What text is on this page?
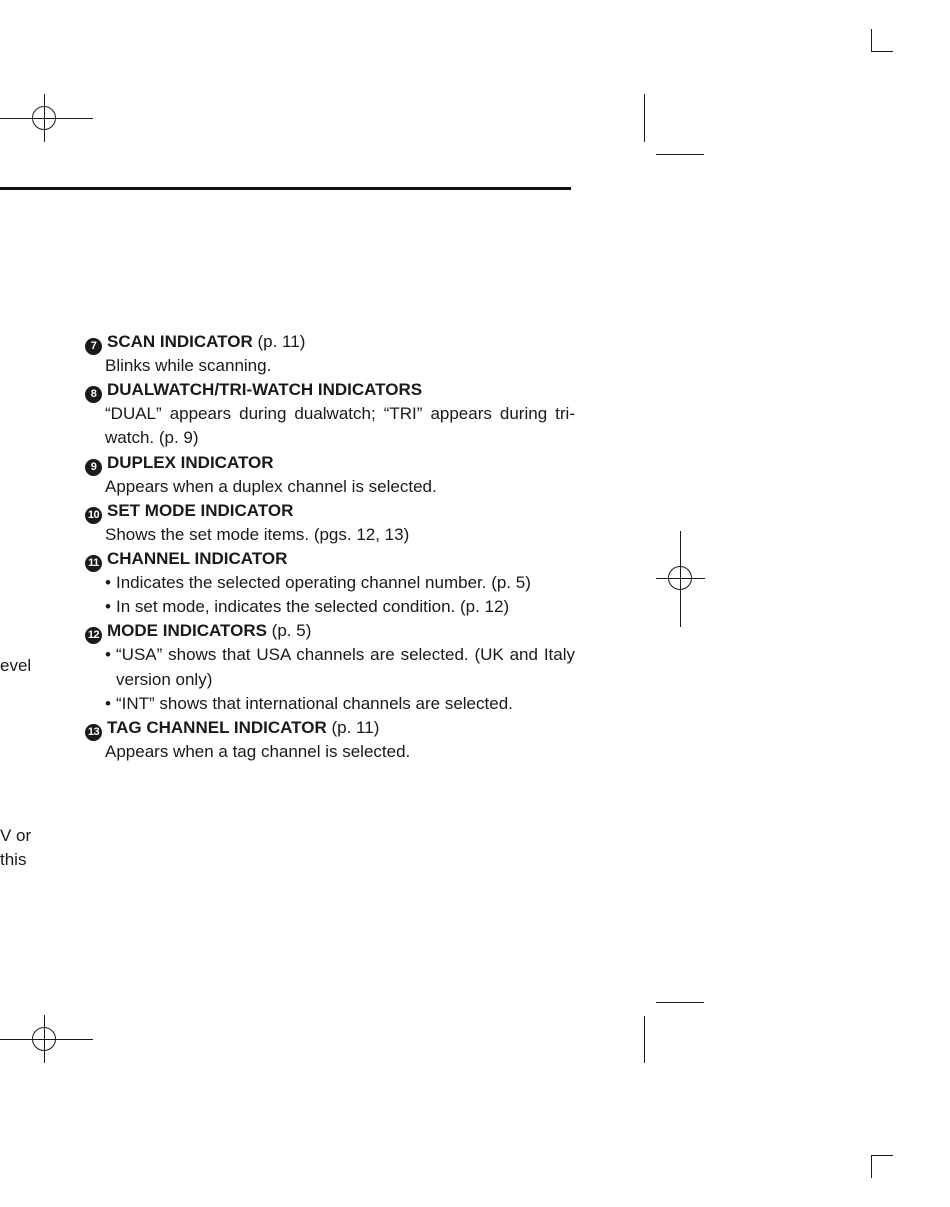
evel
V or
this
7 SCAN INDICATOR (p. 11)
Blinks while scanning.
8 DUALWATCH/TRI-WATCH INDICATORS
“DUAL” appears during dualwatch; “TRI” appears during tri-watch. (p. 9)
9 DUPLEX INDICATOR
Appears when a duplex channel is selected.
10 SET MODE INDICATOR
Shows the set mode items. (pgs. 12, 13)
11 CHANNEL INDICATOR
• Indicates the selected operating channel number. (p. 5)
• In set mode, indicates the selected condition. (p. 12)
12 MODE INDICATORS (p. 5)
• “USA” shows that USA channels are selected. (UK and Italy version only)
• “INT” shows that international channels are selected.
13 TAG CHANNEL INDICATOR (p. 11)
Appears when a tag channel is selected.
